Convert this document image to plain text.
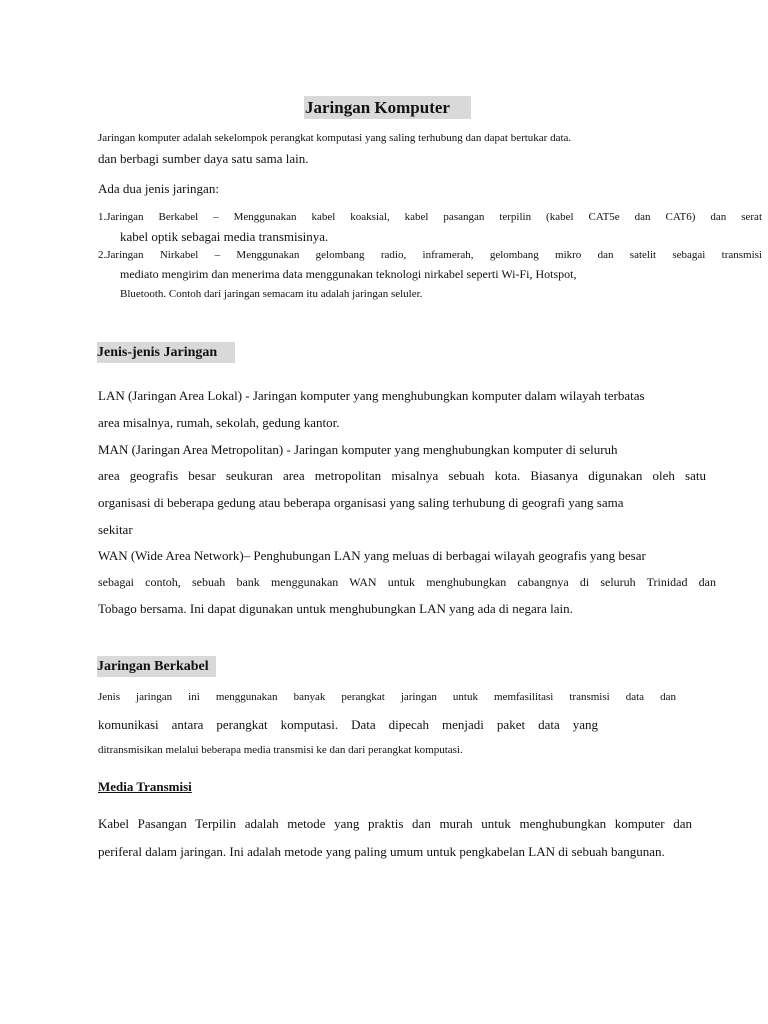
Jaringan Komputer

Jaringan komputer adalah sekelompok perangkat komputasi yang saling terhubung dan dapat bertukar data.

dan berbagi sumber daya satu sama lain.

Ada dua jenis jaringan:

1.Jaringan Berkabel – Menggunakan kabel koaksial, kabel pasangan terpilin (kabel CAT5e dan CAT6) dan serat

kabel optik sebagai media transmisinya.

2.Jaringan Nirkabel – Menggunakan gelombang radio, inframerah, gelombang mikro dan satelit sebagai transmisi

mediato mengirim dan menerima data menggunakan teknologi nirkabel seperti Wi-Fi, Hotspot,

Bluetooth. Contoh dari jaringan semacam itu adalah jaringan seluler.

Jenis-jenis Jaringan

LAN (Jaringan Area Lokal) - Jaringan komputer yang menghubungkan komputer dalam wilayah terbatas

area misalnya, rumah, sekolah, gedung kantor.

MAN (Jaringan Area Metropolitan) - Jaringan komputer yang menghubungkan komputer di seluruh

area geografis besar seukuran area metropolitan misalnya sebuah kota. Biasanya digunakan oleh satu

organisasi di beberapa gedung atau beberapa organisasi yang saling terhubung di geografi yang sama

sekitar

WAN (Wide Area Network)– Penghubungan LAN yang meluas di berbagai wilayah geografis yang besar

sebagai contoh, sebuah bank menggunakan WAN untuk menghubungkan cabangnya di seluruh Trinidad dan

Tobago bersama. Ini dapat digunakan untuk menghubungkan LAN yang ada di negara lain.

Jaringan Berkabel

Jenis jaringan ini menggunakan banyak perangkat jaringan untuk memfasilitasi transmisi data dan

komunikasi antara perangkat komputasi. Data dipecah menjadi paket data yang

ditransmisikan melalui beberapa media transmisi ke dan dari perangkat komputasi.

Media Transmisi

Kabel Pasangan Terpilin adalah metode yang praktis dan murah untuk menghubungkan komputer dan

periferal dalam jaringan. Ini adalah metode yang paling umum untuk pengkabelan LAN di sebuah bangunan.
